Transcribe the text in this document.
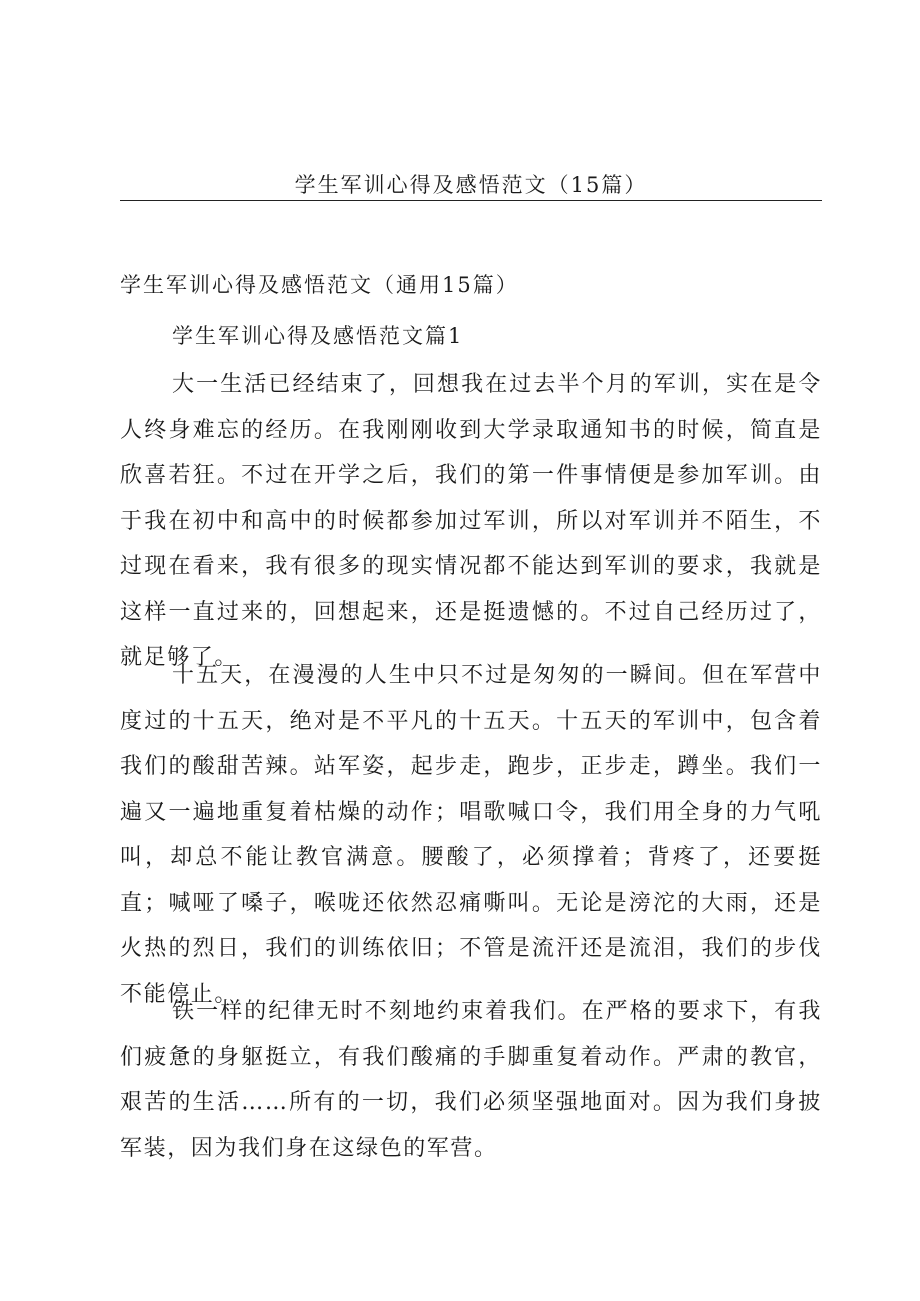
学生军训心得及感悟范文（15篇）
学生军训心得及感悟范文（通用15篇）
学生军训心得及感悟范文篇1

大一生活已经结束了，回想我在过去半个月的军训，实在是令人终身难忘的经历。在我刚刚收到大学录取通知书的时候，简直是欣喜若狂。不过在开学之后，我们的第一件事情便是参加军训。由于我在初中和高中的时候都参加过军训，所以对军训并不陌生，不过现在看来，我有很多的现实情况都不能达到军训的要求，我就是这样一直过来的，回想起来，还是挺遗憾的。不过自己经历过了，就足够了。

十五天，在漫漫的人生中只不过是匆匆的一瞬间。但在军营中度过的十五天，绝对是不平凡的十五天。十五天的军训中，包含着我们的酸甜苦辣。站军姿，起步走，跑步，正步走，蹲坐。我们一遍又一遍地重复着枯燥的动作；唱歌喊口令，我们用全身的力气吼叫，却总不能让教官满意。腰酸了，必须撑着；背疼了，还要挺直；喊哑了嗓子，喉咙还依然忍痛嘶叫。无论是滂沱的大雨，还是火热的烈日，我们的训练依旧；不管是流汗还是流泪，我们的步伐不能停止。

铁一样的纪律无时不刻地约束着我们。在严格的要求下，有我们疲惫的身躯挺立，有我们酸痛的手脚重复着动作。严肃的教官，艰苦的生活……所有的一切，我们必须坚强地面对。因为我们身披军装，因为我们身在这绿色的军营。
